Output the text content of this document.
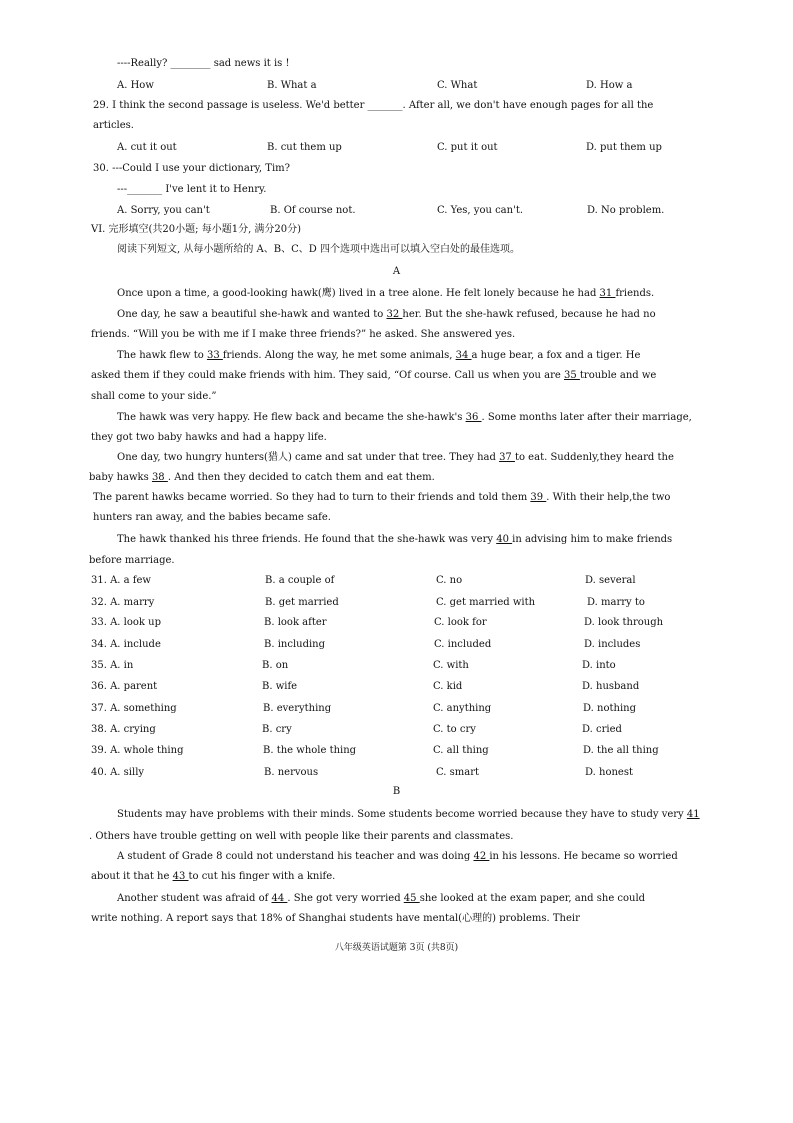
----Really? ________ sad news it is !
A. How	B. What a	C. What	D. How a
29. I think the second passage is useless. We'd better _______. After all, we don't have enough pages for all the
articles.
A. cut it out	B. cut them up	C. put it out	D. put them up
30. ---Could I use your dictionary, Tim?
---_______ I've lent it to Henry.
A. Sorry, you can't	B. Of course not.	C. Yes, you can't.	D. No problem.
VI. 完形填空(共20小题; 每小题1分, 满分20分)
阅读下列短文, 从每小题所给的 A、B、C、D 四个选项中选出可以填入空白处的最佳选项。
A
Once upon a time, a good-looking hawk(鹰) lived in a tree alone. He felt lonely because he had 31 friends.
One day, he saw a beautiful she-hawk and wanted to 32 her. But the she-hawk refused, because he had no
friends. “Will you be with me if I make three friends?” he asked. She answered yes.
The hawk flew to 33 friends. Along the way, he met some animals, 34 a huge bear, a fox and a tiger. He
asked them if they could make friends with him. They said, “Of course. Call us when you are 35 trouble and we
shall come to your side.”
The hawk was very happy. He flew back and became the she-hawk's 36 . Some months later after their marriage,
they got two baby hawks and had a happy life.
One day, two hungry hunters(猎人) came and sat under that tree. They had 37 to eat. Suddenly,they heard the
baby hawks 38 . And then they decided to catch them and eat them.
The parent hawks became worried. So they had to turn to their friends and told them 39 . With their help,the two
hunters ran away, and the babies became safe.
The hawk thanked his three friends. He found that the she-hawk was very 40 in advising him to make friends
before marriage.
31. A. a few	B. a couple of	C. no	D. several
32. A. marry	B. get married	C. get married with	D. marry to
33. A. look up	B. look after	C. look for	D. look through
34. A. include	B. including	C. included	D. includes
35. A. in	B. on	C. with	D. into
36. A. parent	B. wife	C. kid	D. husband
37. A. something	B. everything	C. anything	D. nothing
38. A. crying	B. cry	C. to cry	D. cried
39. A. whole thing	B. the whole thing	C. all thing	D. the all thing
40. A. silly	B. nervous	C. smart	D. honest
B
Students may have problems with their minds. Some students become worried because they have to study very 41
. Others have trouble getting on well with people like their parents and classmates.
A student of Grade 8 could not understand his teacher and was doing 42 in his lessons. He became so worried
about it that he 43 to cut his finger with a knife.
Another student was afraid of 44 . She got very worried 45 she looked at the exam paper, and she could
write nothing. A report says that 18% of Shanghai students have mental(心理的) problems. Their
八年级英语试题第 3页 (共8页)
